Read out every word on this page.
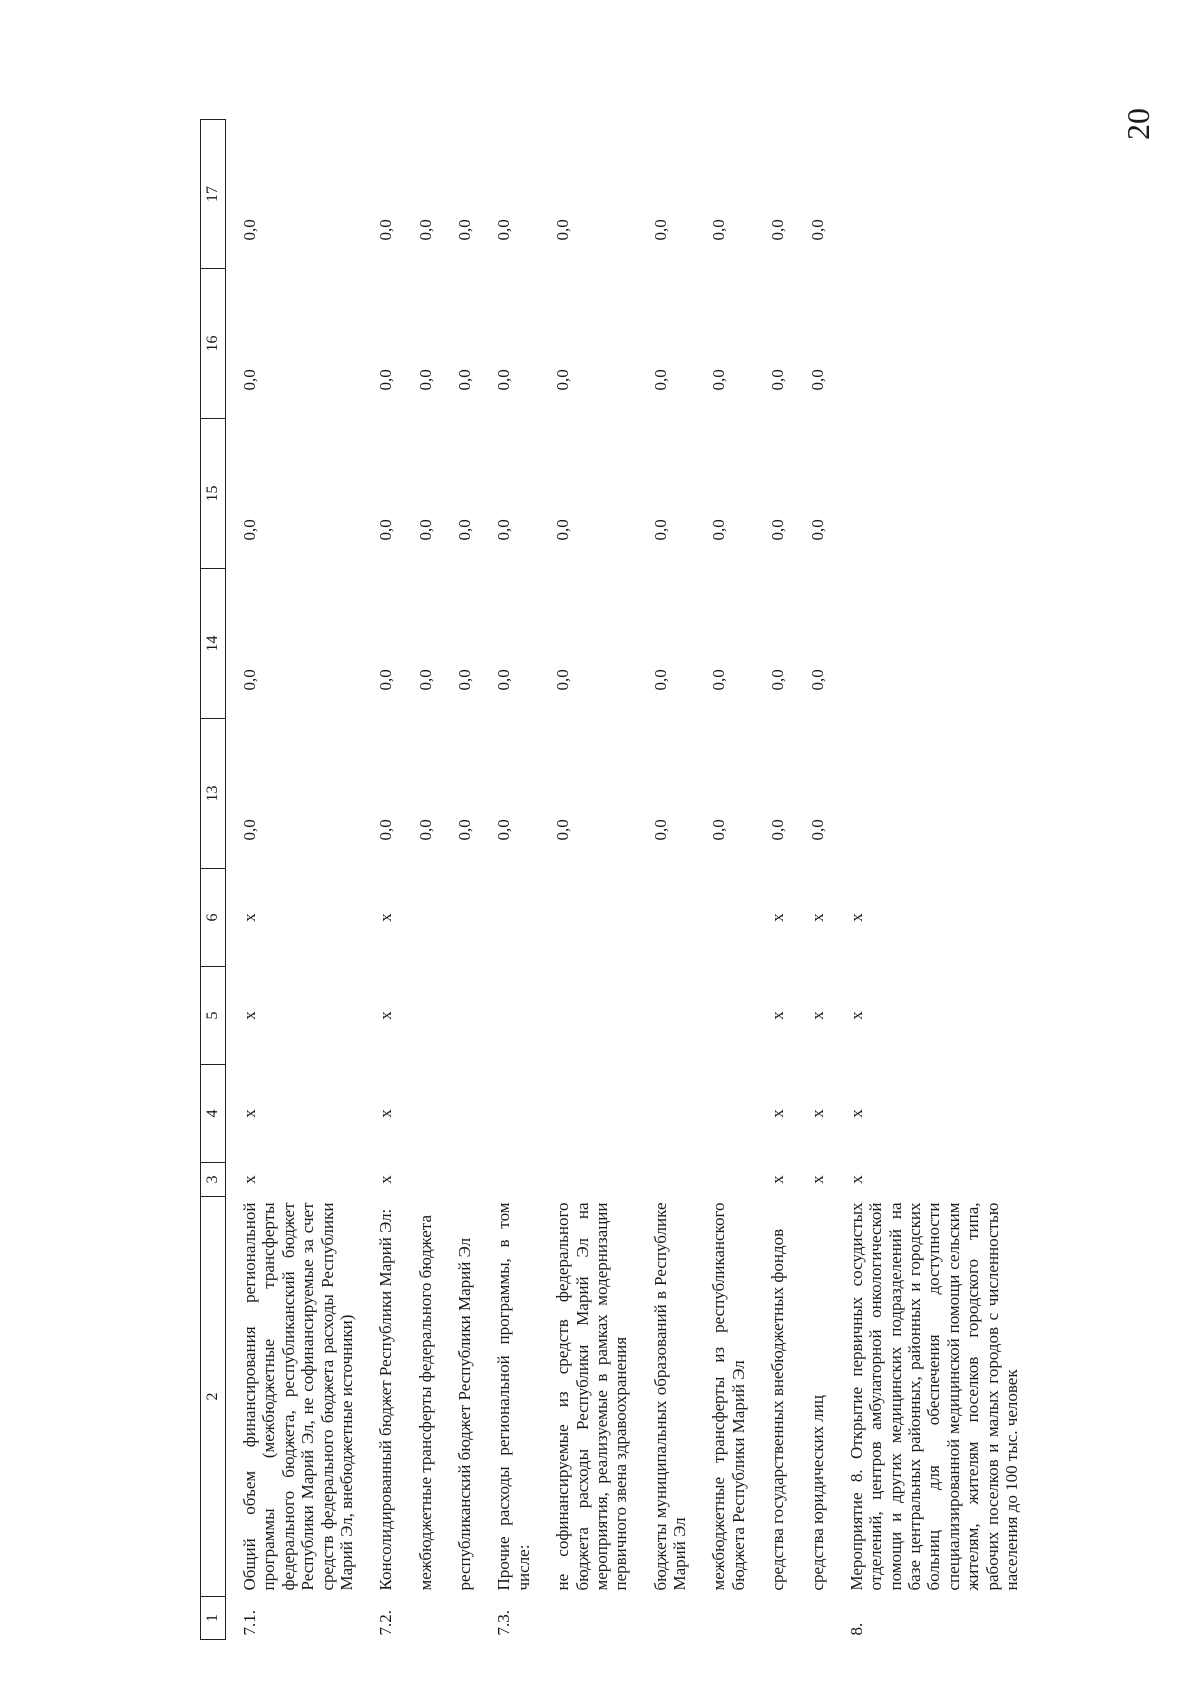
20
1	2	3	4	5	6	13	14	15	16	17
7.1.	Общий объем финансирования региональной программы (межбюджетные трансферты федерального бюджета, республиканский бюджет Республики Марий Эл, не софинансируемые за счет средств федерального бюджета расходы Республики Марий Эл, внебюджетные источники)	х	х	х	х	0,0	0,0	0,0	0,0	0,0
7.2.	Консолидированный бюджет Республики Марий Эл:	х	х	х	х	0,0	0,0	0,0	0,0	0,0
	межбюджетные трансферты федерального бюджета					0,0	0,0	0,0	0,0	0,0
	республиканский бюджет Республики Марий Эл					0,0	0,0	0,0	0,0	0,0
7.3.	Прочие расходы региональной программы, в том числе:					0,0	0,0	0,0	0,0	0,0
	не софинансируемые из средств федерального бюджета расходы Республики Марий Эл на мероприятия, реализуемые в рамках модернизации первичного звена здравоохранения					0,0	0,0	0,0	0,0	0,0
	бюджеты муниципальных образований в Республике Марий Эл					0,0	0,0	0,0	0,0	0,0
	межбюджетные трансферты из республиканского бюджета Республики Марий Эл					0,0	0,0	0,0	0,0	0,0
	средства государственных внебюджетных фондов	х	х	х	х	0,0	0,0	0,0	0,0	0,0
	средства юридических лиц	х	х	х	х	0,0	0,0	0,0	0,0	0,0
8.	Мероприятие 8. Открытие первичных сосудистых отделений, центров амбулаторной онкологической помощи и других медицинских подразделений на базе центральных районных, районных и городских больниц для обеспечения доступности специализированной медицинской помощи сельским жителям, жителям поселков городского типа, рабочих поселков и малых городов с численностью населения до 100 тыс. человек	х	х	х	х					
